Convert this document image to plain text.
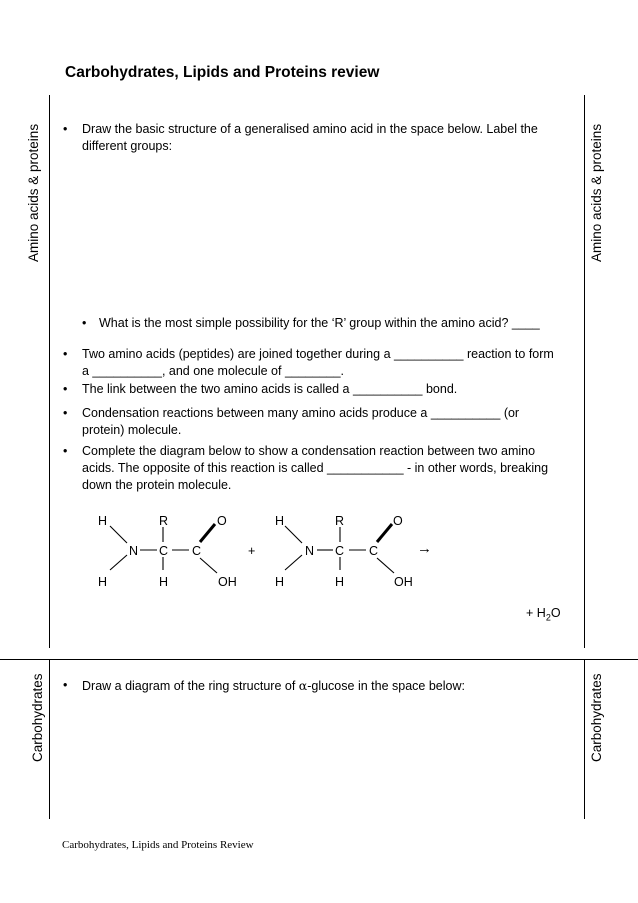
Carbohydrates, Lipids and Proteins review
Amino acids & proteins	Amino acids & proteins
Carbohydrates	Carbohydrates
• Draw the basic structure of a generalised amino acid in the space below. Label the different groups:
• What is the most simple possibility for the ‘R’ group within the amino acid? ____
• Two amino acids (peptides) are joined together during a __________ reaction to form a __________, and one molecule of ________.
• The link between the two amino acids is called a __________ bond.
• Condensation reactions between many amino acids produce a __________ (or protein) molecule.
• Complete the diagram below to show a condensation reaction between two amino acids. The opposite of this reaction is called ___________ - in other words, breaking down the protein molecule.
H	R	O
N C C
H	H	OH
+
H	R	O
N C C
H	H	OH
→
+ $H_2O$
• Draw a diagram of the ring structure of α-glucose in the space below:
Carbohydrates, Lipids and Proteins Review
